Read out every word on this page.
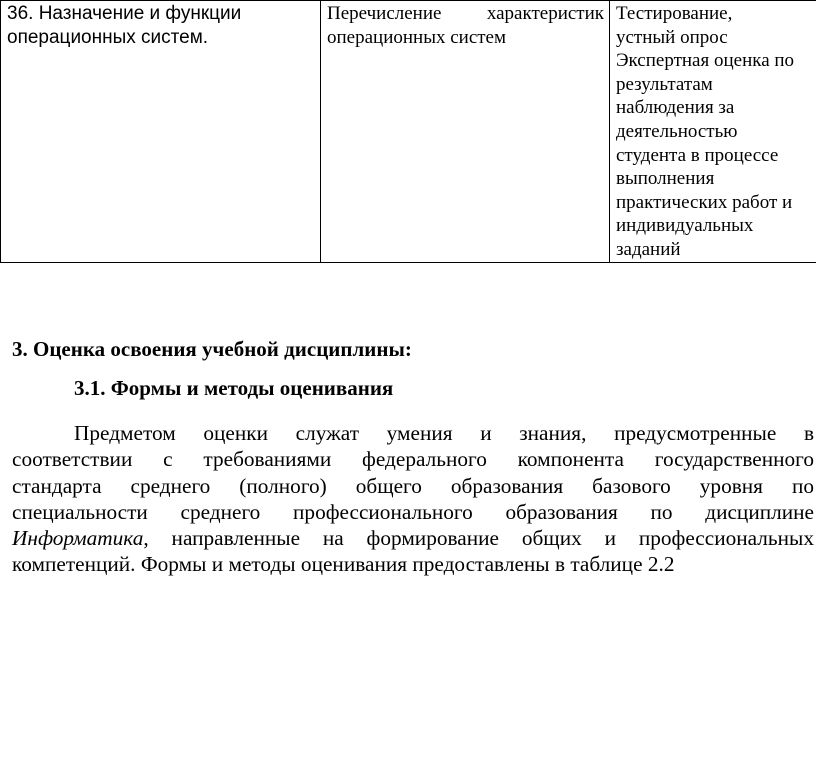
36. Назначение и функции
операционных систем.
Перечисление характеристик
операционных систем
Тестирование,
устный опрос
Экспертная оценка по
результатам
наблюдения за
деятельностью
студента в процессе
выполнения
практических работ и
индивидуальных
заданий
3. Оценка освоения учебной дисциплины:
3.1. Формы и методы оценивания
Предметом оценки служат умения и знания, предусмотренные в
соответствии с требованиями федерального компонента государственного
стандарта среднего (полного) общего образования базового уровня по
специальности среднего профессионального образования по дисциплине
Информатика, направленные на формирование общих и профессиональных
компетенций. Формы и методы оценивания предоставлены в таблице 2.2
